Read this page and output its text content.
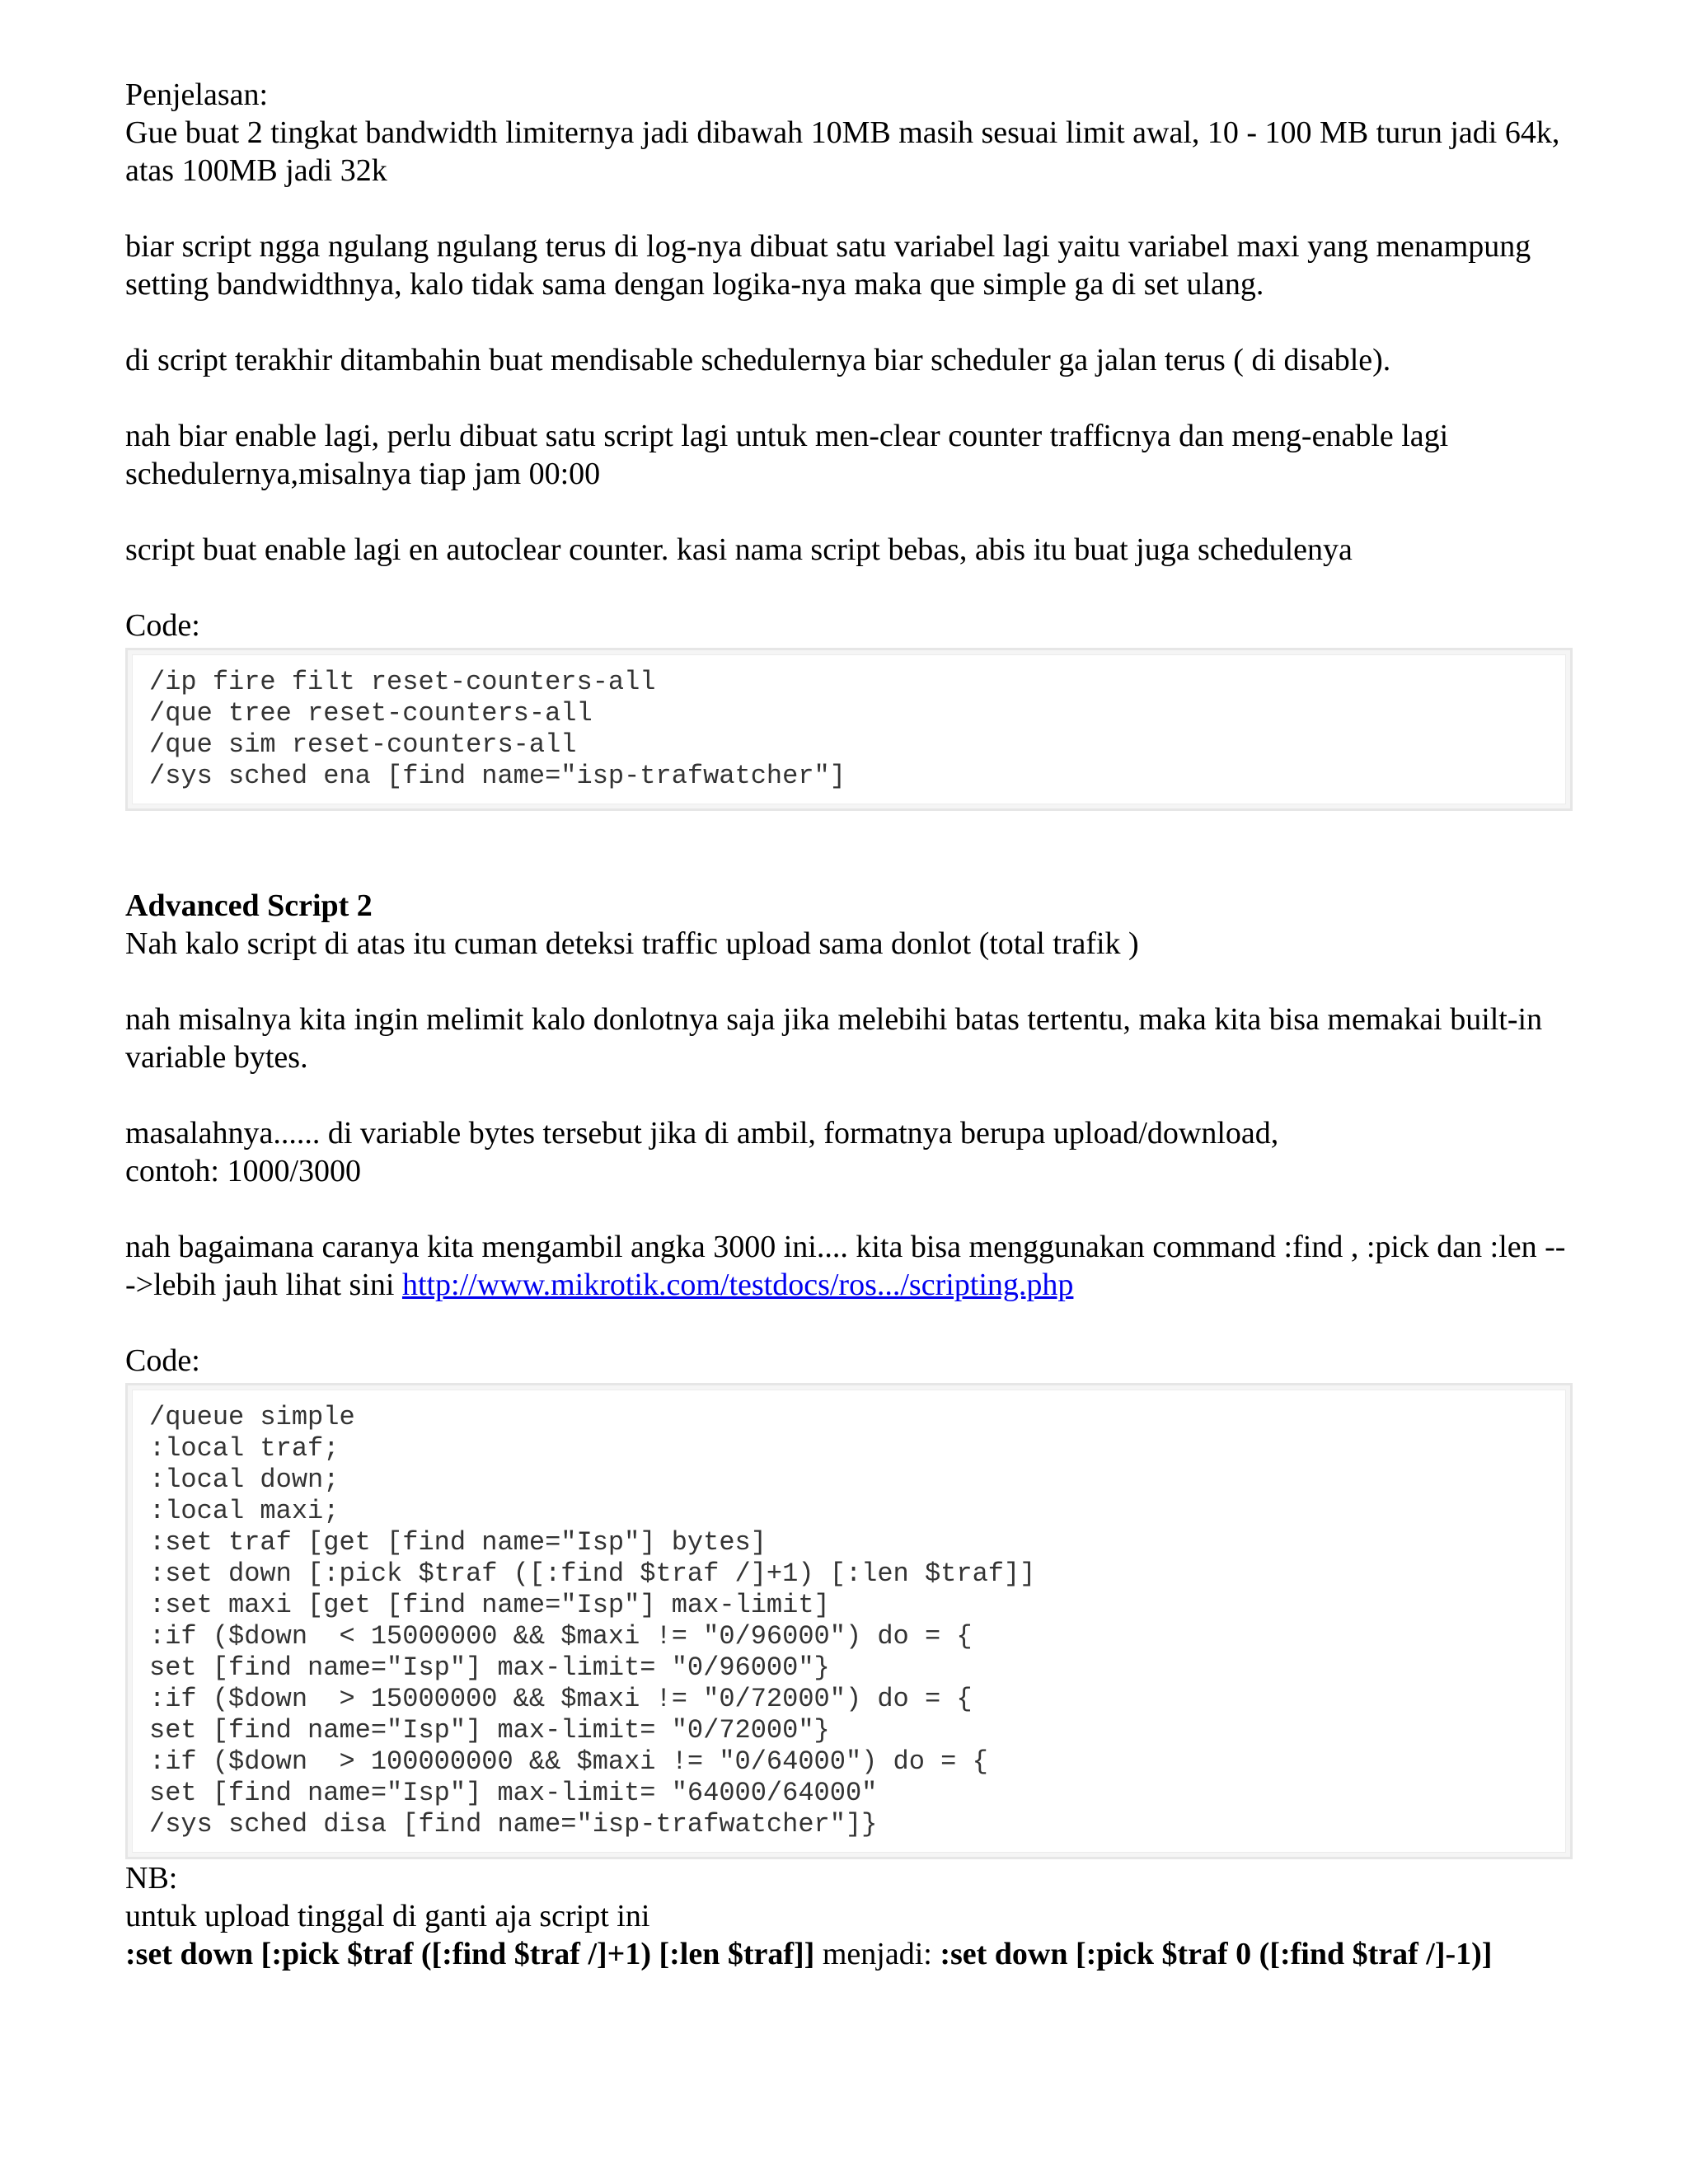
Penjelasan:
Gue buat 2 tingkat bandwidth limiternya jadi dibawah 10MB masih sesuai limit awal, 10 - 100 MB turun jadi 64k, atas 100MB jadi 32k
biar script ngga ngulang ngulang terus di log-nya dibuat satu variabel lagi yaitu variabel maxi yang menampung setting bandwidthnya, kalo tidak sama dengan logika-nya maka que simple ga di set ulang.
di script terakhir ditambahin buat mendisable schedulernya biar scheduler ga jalan terus ( di disable).
nah biar enable lagi, perlu dibuat satu script lagi untuk men-clear counter trafficnya dan meng-enable lagi schedulernya,misalnya tiap jam 00:00
script buat enable lagi en autoclear counter. kasi nama script bebas, abis itu buat juga schedulenya
Code:
/ip fire filt reset-counters-all
/que tree reset-counters-all
/que sim reset-counters-all
/sys sched ena [find name="isp-trafwatcher"]
Advanced Script 2
Nah kalo script di atas itu cuman deteksi traffic upload sama donlot (total trafik )
nah misalnya kita ingin melimit kalo donlotnya saja jika melebihi batas tertentu, maka kita bisa memakai built-in variable bytes.
masalahnya...... di variable bytes tersebut jika di ambil, formatnya berupa upload/download,
contoh: 1000/3000
nah bagaimana caranya kita mengambil angka 3000 ini.... kita bisa menggunakan command :find , :pick dan :len --->lebih jauh lihat sini http://www.mikrotik.com/testdocs/ros.../scripting.php
Code:
/queue simple
:local traf;
:local down;
:local maxi;
:set traf [get [find name="Isp"] bytes]
:set down [:pick $traf ([:find $traf /]+1) [:len $traf]]
:set maxi [get [find name="Isp"] max-limit]
:if ($down  < 15000000 && $maxi != "0/96000") do = {
set [find name="Isp"] max-limit= "0/96000"}
:if ($down  > 15000000 && $maxi != "0/72000") do = {
set [find name="Isp"] max-limit= "0/72000"}
:if ($down  > 100000000 && $maxi != "0/64000") do = {
set [find name="Isp"] max-limit= "64000/64000"
/sys sched disa [find name="isp-trafwatcher"]}
NB:
untuk upload tinggal di ganti aja script ini
:set down [:pick $traf ([:find $traf /]+1) [:len $traf]] menjadi: :set down [:pick $traf 0 ([:find $traf /]-1)]
